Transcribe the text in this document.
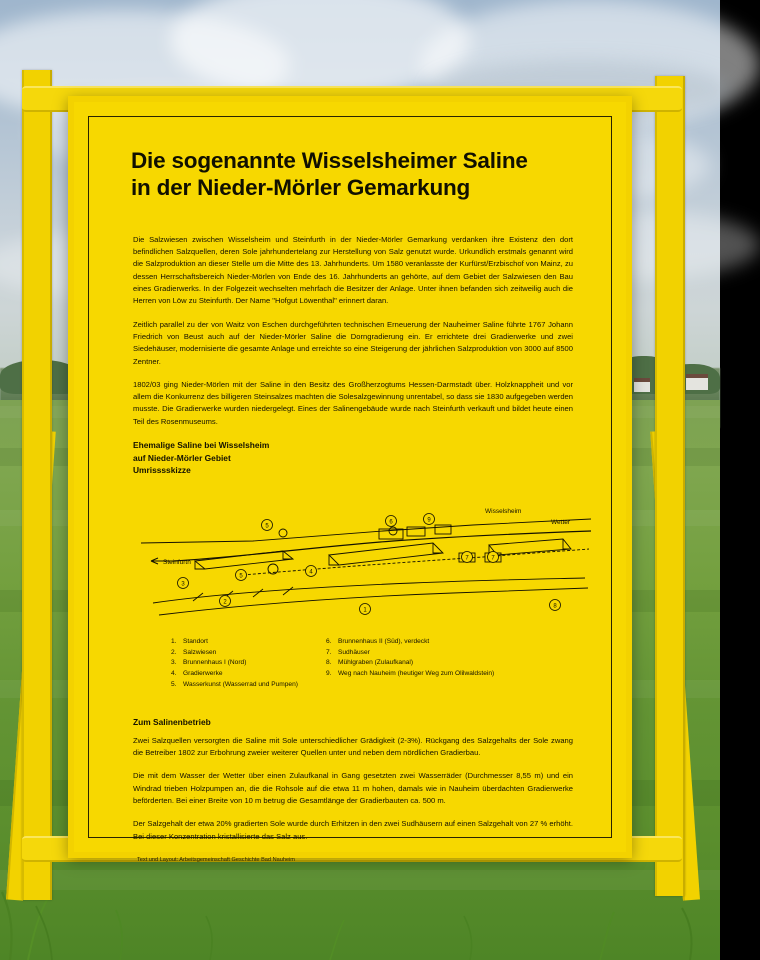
Die sogenannte Wisselsheimer Saline
in der Nieder-Mörler Gemarkung

Die Salzwiesen zwischen Wisselsheim und Steinfurth in der Nieder-Mörler Gemarkung verdanken ihre Existenz den dort befindlichen Salzquellen, deren Sole jahrhundertelang zur Herstellung von Salz genutzt wurde. Urkundlich erstmals genannt wird die Salzproduktion an dieser Stelle um die Mitte des 13. Jahrhunderts. Um 1580 veranlasste der Kurfürst/Erzbischof von Mainz, zu dessen Herrschaftsbereich Nieder-Mörlen von Ende des 16. Jahrhunderts an gehörte, auf dem Gebiet der Salzwiesen den Bau eines Gradierwerks. In der Folgezeit wechselten mehrfach die Besitzer der Anlage. Unter ihnen befanden sich zeitweilig auch die Herren von Löw zu Steinfurth. Der Name "Hofgut Löwenthal" erinnert daran.

Zeitlich parallel zu der von Waitz von Eschen durchgeführten technischen Erneuerung der Nauheimer Saline führte 1767 Johann Friedrich von Beust auch auf der Nieder-Mörler Saline die Dorngradierung ein. Er errichtete drei Gradierwerke und zwei Siedehäuser, modernisierte die gesamte Anlage und erreichte so eine Steigerung der jährlichen Salzproduktion von 3000 auf 8500 Zentner.

1802/03 ging Nieder-Mörlen mit der Saline in den Besitz des Großherzogtums Hessen-Darmstadt über. Holzknappheit und vor allem die Konkurrenz des billigeren Steinsalzes machten die Solesalzgewinnung unrentabel, so dass sie 1830 aufgegeben werden musste. Die Gradierwerke wurden niedergelegt. Eines der Salinengebäude wurde nach Steinfurth verkauft und bildet heute einen Teil des Rosenmuseums.

Ehemalige Saline bei Wisselsheim
auf Nieder-Mörler Gebiet
Umrisssskizze
Steinfurth
Wisselsheim
Wetter
1
2
3
4
5
5
6
7	7
9
8
1. Standort
2. Salzwiesen
3. Brunnenhaus I (Nord)
4. Gradierwerke
5. Wasserkunst (Wasserrad und Pumpen)
6. Brunnenhaus II (Süd), verdeckt
7. Sudhäuser
8. Mühlgraben (Zulaufkanal)
9. Weg nach Nauheim (heutiger Weg zum Olilwaldstein)
Zum Salinenbetrieb

Zwei Salzquellen versorgten die Saline mit Sole unterschiedlicher Grädigkeit (2-3%). Rückgang des Salzgehalts der Sole zwang die Betreiber 1802 zur Erbohrung zweier weiterer Quellen unter und neben dem nördlichen Gradierbau.

Die mit dem Wasser der Wetter über einen Zulaufkanal in Gang gesetzten zwei Wasserräder (Durchmesser 8,55 m) und ein Windrad trieben Holzpumpen an, die die Rohsole auf die etwa 11 m hohen, damals wie in Nauheim überdachten Gradierwerke beförderten. Bei einer Breite von 10 m betrug die Gesamtlänge der Gradierbauten ca. 500 m.

Der Salzgehalt der etwa 20% gradierten Sole wurde durch Erhitzen in den zwei Sudhäusern auf einen Salzgehalt von 27 % erhöht. Bei dieser Konzentration kristallisierte das Salz aus.

Text und Layout: Arbeitsgemeinschaft Geschichte Bad Nauheim
